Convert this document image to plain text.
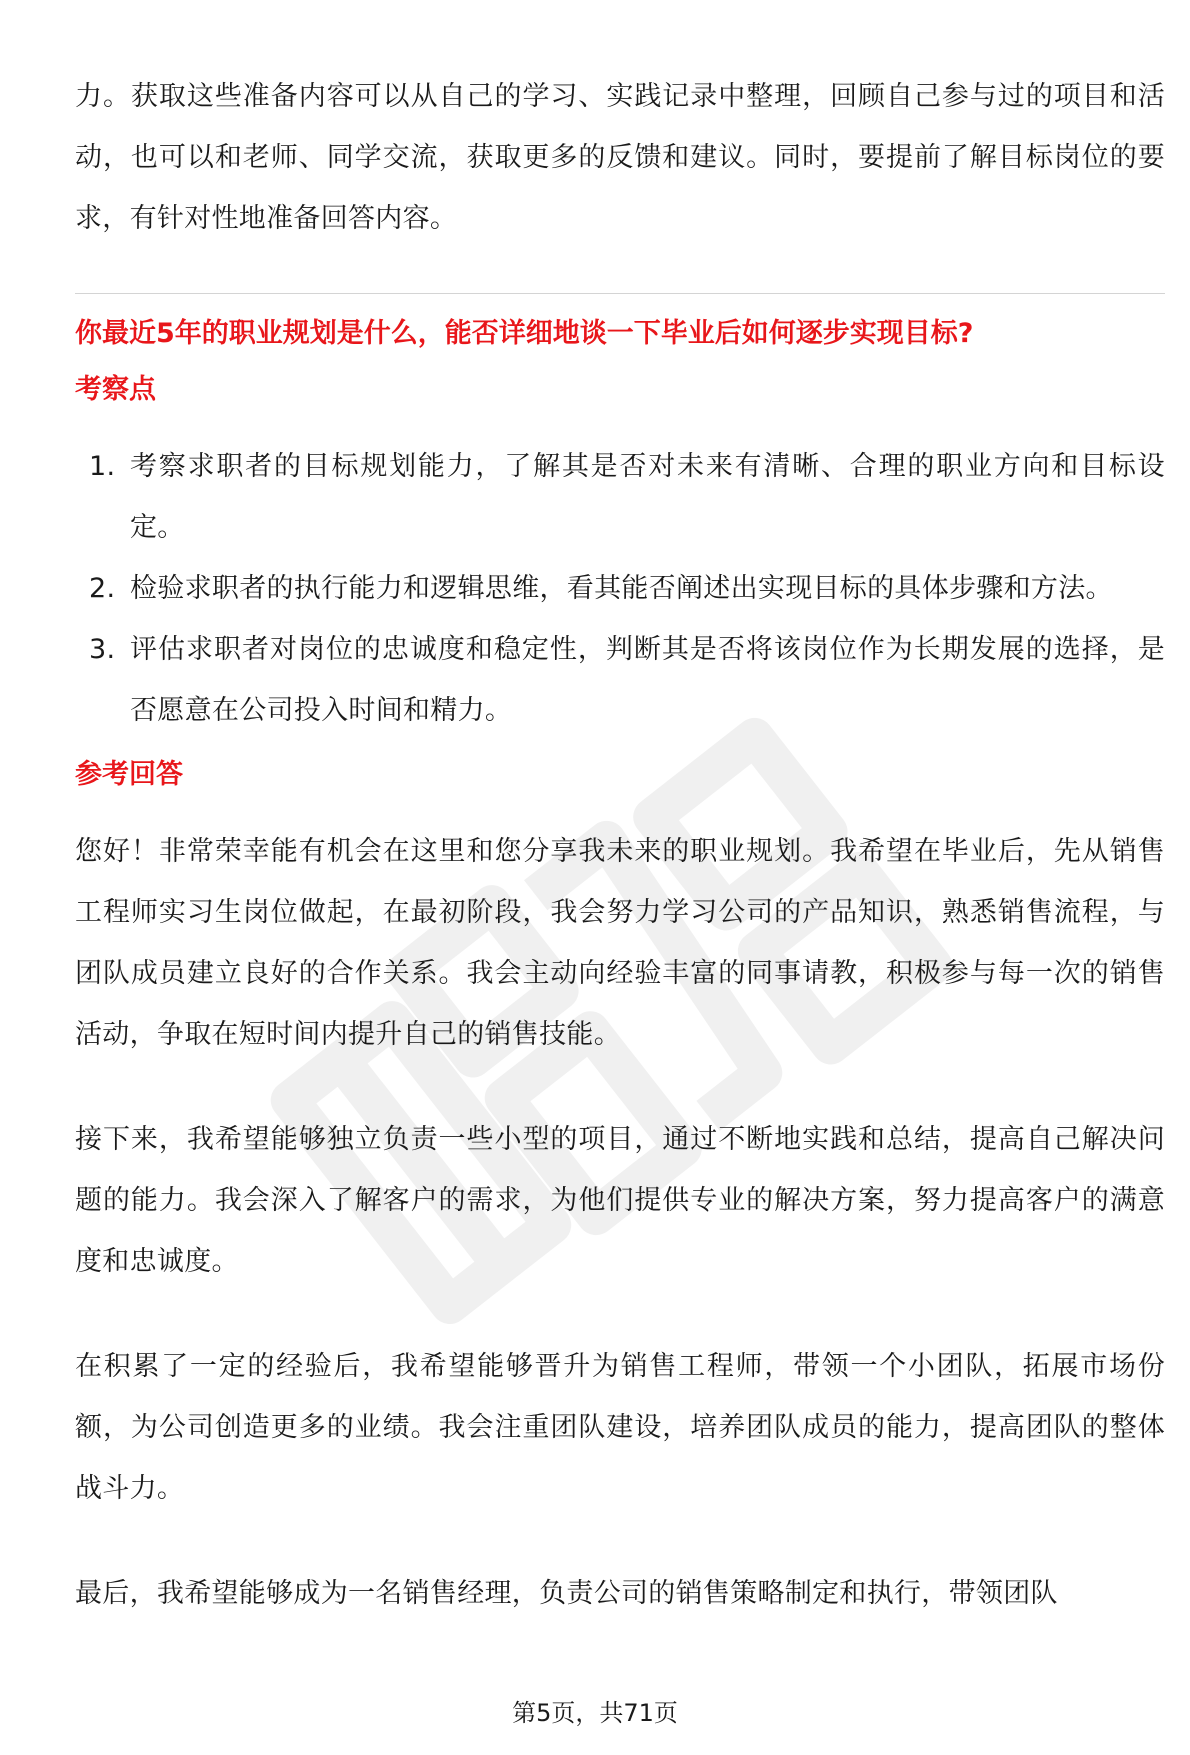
力。获取这些准备内容可以从自己的学习、实践记录中整理，回顾自己参与过的项目和活动，也可以和老师、同学交流，获取更多的反馈和建议。同时，要提前了解目标岗位的要求，有针对性地准备回答内容。

你最近5年的职业规划是什么，能否详细地谈一下毕业后如何逐步实现目标?
考察点
1. 考察求职者的目标规划能力，了解其是否对未来有清晰、合理的职业方向和目标设定。
2. 检验求职者的执行能力和逻辑思维，看其能否阐述出实现目标的具体步骤和方法。
3. 评估求职者对岗位的忠诚度和稳定性，判断其是否将该岗位作为长期发展的选择，是否愿意在公司投入时间和精力。
参考回答

您好！非常荣幸能有机会在这里和您分享我未来的职业规划。我希望在毕业后，先从销售工程师实习生岗位做起，在最初阶段，我会努力学习公司的产品知识，熟悉销售流程，与团队成员建立良好的合作关系。我会主动向经验丰富的同事请教，积极参与每一次的销售活动，争取在短时间内提升自己的销售技能。

接下来，我希望能够独立负责一些小型的项目，通过不断地实践和总结，提高自己解决问题的能力。我会深入了解客户的需求，为他们提供专业的解决方案，努力提高客户的满意度和忠诚度。

在积累了一定的经验后，我希望能够晋升为销售工程师，带领一个小团队，拓展市场份额，为公司创造更多的业绩。我会注重团队建设，培养团队成员的能力，提高团队的整体战斗力。

最后，我希望能够成为一名销售经理，负责公司的销售策略制定和执行，带领团队

第5页，共71页
